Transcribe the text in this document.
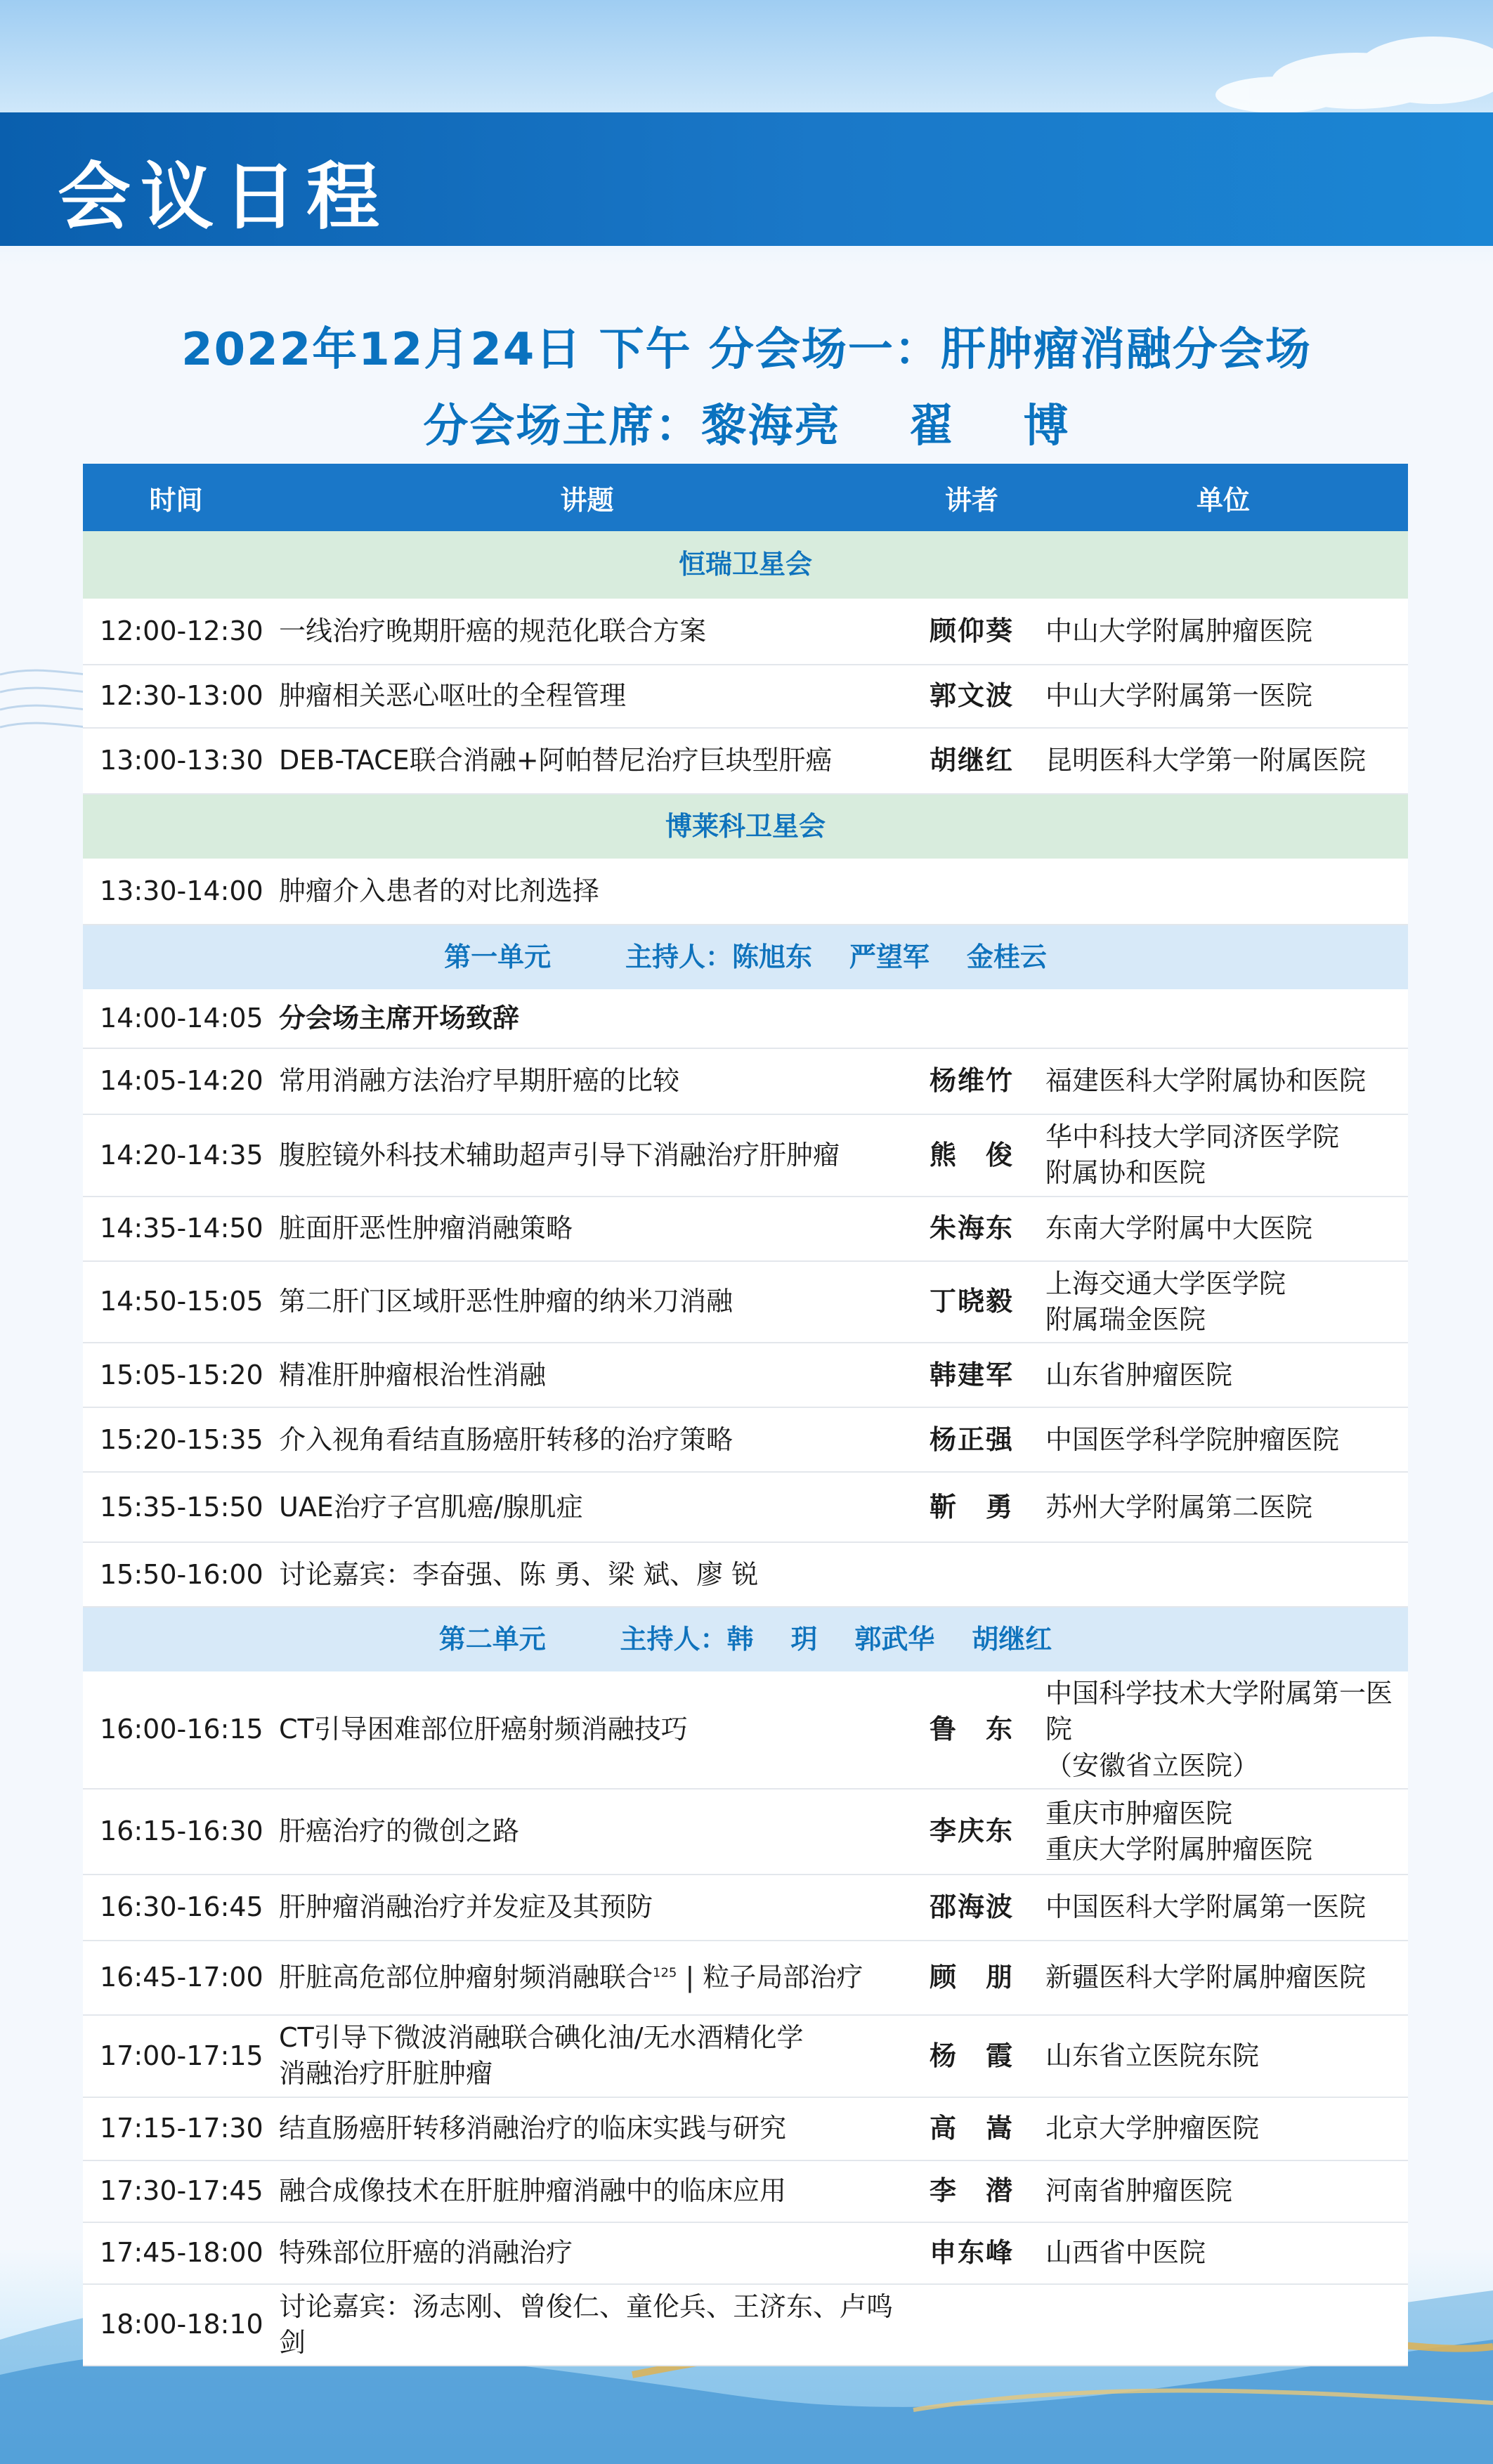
会议日程
2022年12月24日 下午 分会场一：肝肿瘤消融分会场
分会场主席：黎海亮    翟    博
时间	讲题	讲者	单位
恒瑞卫星会			
12:00-12:30	一线治疗晚期肝癌的规范化联合方案	顾仰葵	中山大学附属肿瘤医院
12:30-13:00	肿瘤相关恶心呕吐的全程管理	郭文波	中山大学附属第一医院
13:00-13:30	DEB-TACE联合消融+阿帕替尼治疗巨块型肝癌	胡继红	昆明医科大学第一附属医院
博莱科卫星会			
13:30-14:00	肿瘤介入患者的对比剂选择		
第一单元        主持人：陈旭东    严望军    金桂云			
14:00-14:05	分会场主席开场致辞		
14:05-14:20	常用消融方法治疗早期肝癌的比较	杨维竹	福建医科大学附属协和医院
14:20-14:35	腹腔镜外科技术辅助超声引导下消融治疗肝肿瘤	熊　俊	华中科技大学同济医学院
附属协和医院

14:35-14:50	脏面肝恶性肿瘤消融策略	朱海东	东南大学附属中大医院
14:50-15:05	第二肝门区域肝恶性肿瘤的纳米刀消融	丁晓毅	上海交通大学医学院
附属瑞金医院

15:05-15:20	精准肝肿瘤根治性消融	韩建军	山东省肿瘤医院
15:20-15:35	介入视角看结直肠癌肝转移的治疗策略	杨正强	中国医学科学院肿瘤医院
15:35-15:50	UAE治疗子宫肌癌/腺肌症	靳　勇	苏州大学附属第二医院
15:50-16:00	讨论嘉宾：李奋强、陈 勇、梁 斌、廖 锐		
第二单元        主持人：韩    玥    郭武华    胡继红			
16:00-16:15	CT引导困难部位肝癌射频消融技巧	鲁　东	中国科学技术大学附属第一医院
（安徽省立医院）

16:15-16:30	肝癌治疗的微创之路	李庆东	重庆市肿瘤医院
重庆大学附属肿瘤医院

16:30-16:45	肝肿瘤消融治疗并发症及其预防	邵海波	中国医科大学附属第一医院
16:45-17:00	肝脏高危部位肿瘤射频消融联合$^{125}$ | 粒子局部治疗	顾　朋	新疆医科大学附属肿瘤医院
17:00-17:15	CT引导下微波消融联合碘化油/无水酒精化学
消融治疗肝脏肿瘤	杨　霞	山东省立医院东院
17:15-17:30	结直肠癌肝转移消融治疗的临床实践与研究	高　嵩	北京大学肿瘤医院
17:30-17:45	融合成像技术在肝脏肿瘤消融中的临床应用	李　潜	河南省肿瘤医院
17:45-18:00	特殊部位肝癌的消融治疗	申东峰	山西省中医院
18:00-18:10	讨论嘉宾：汤志刚、曾俊仁、童伦兵、王济东、卢鸣剑		
